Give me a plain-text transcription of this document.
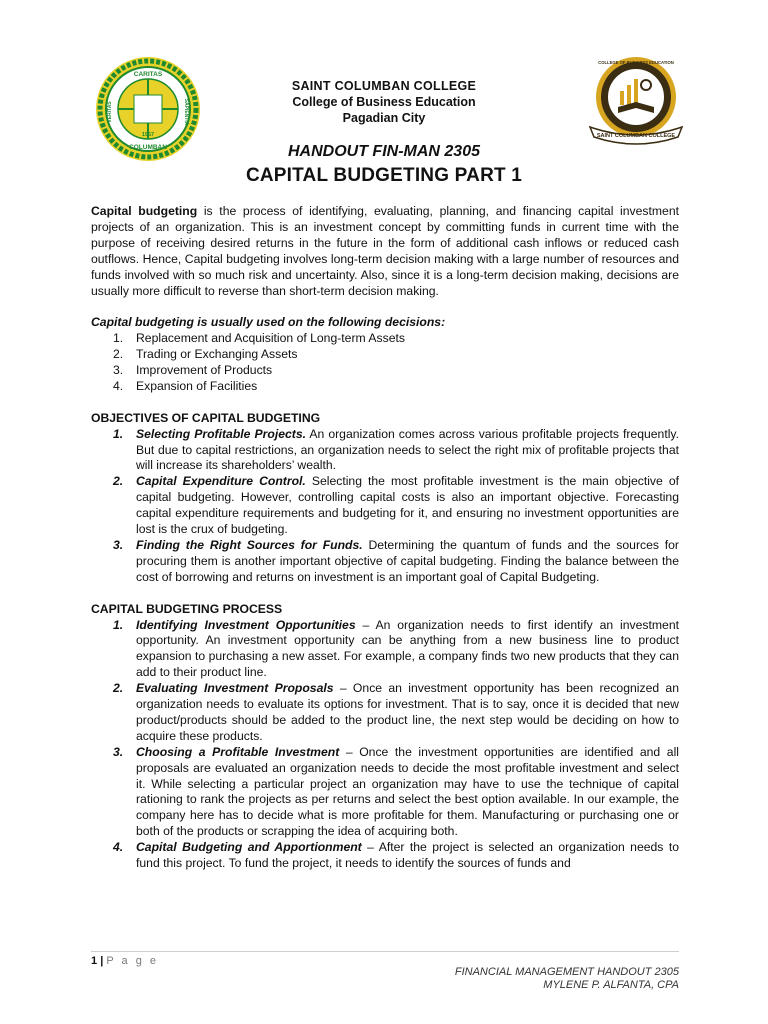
CARITAS
COLUMBAN
VERITAS	SAPIENTIA
1957	SAINT COLUMBAN COLLEGE
COLLEGE OF BUSINESS EDUCATION
SAINT COLUMBAN COLLEGE
College of Business Education
Pagadian City
HANDOUT FIN-MAN 2305
CAPITAL BUDGETING PART 1

Capital budgeting is the process of identifying, evaluating, planning, and financing capital investment projects of an organization. This is an investment concept by committing funds in current time with the purpose of receiving desired returns in the future in the form of additional cash inflows or reduced cash outflows. Hence, Capital budgeting involves long-term decision making with a large number of resources and funds involved with so much risk and uncertainty. Also, since it is a long-term decision making, decisions are usually more difficult to reverse than short-term decision making.

Capital budgeting is usually used on the following decisions:

1. Replacement and Acquisition of Long-term Assets
2. Trading or Exchanging Assets
3. Improvement of Products
4. Expansion of Facilities

OBJECTIVES OF CAPITAL BUDGETING

1. Selecting Profitable Projects. An organization comes across various profitable projects frequently. But due to capital restrictions, an organization needs to select the right mix of profitable projects that will increase its shareholders’ wealth.
2. Capital Expenditure Control. Selecting the most profitable investment is the main objective of capital budgeting. However, controlling capital costs is also an important objective. Forecasting capital expenditure requirements and budgeting for it, and ensuring no investment opportunities are lost is the crux of budgeting.
3. Finding the Right Sources for Funds. Determining the quantum of funds and the sources for procuring them is another important objective of capital budgeting. Finding the balance between the cost of borrowing and returns on investment is an important goal of Capital Budgeting.

CAPITAL BUDGETING PROCESS

1. Identifying Investment Opportunities – An organization needs to first identify an investment opportunity. An investment opportunity can be anything from a new business line to product expansion to purchasing a new asset. For example, a company finds two new products that they can add to their product line.
2. Evaluating Investment Proposals – Once an investment opportunity has been recognized an organization needs to evaluate its options for investment. That is to say, once it is decided that new product/products should be added to the product line, the next step would be deciding on how to acquire these products.
3. Choosing a Profitable Investment – Once the investment opportunities are identified and all proposals are evaluated an organization needs to decide the most profitable investment and select it. While selecting a particular project an organization may have to use the technique of capital rationing to rank the projects as per returns and select the best option available. In our example, the company here has to decide what is more profitable for them. Manufacturing or purchasing one or both of the products or scrapping the idea of acquiring both.
4. Capital Budgeting and Apportionment – After the project is selected an organization needs to fund this project. To fund the project, it needs to identify the sources of funds and
1 | P a g e
FINANCIAL MANAGEMENT HANDOUT 2305
MYLENE P. ALFANTA, CPA
